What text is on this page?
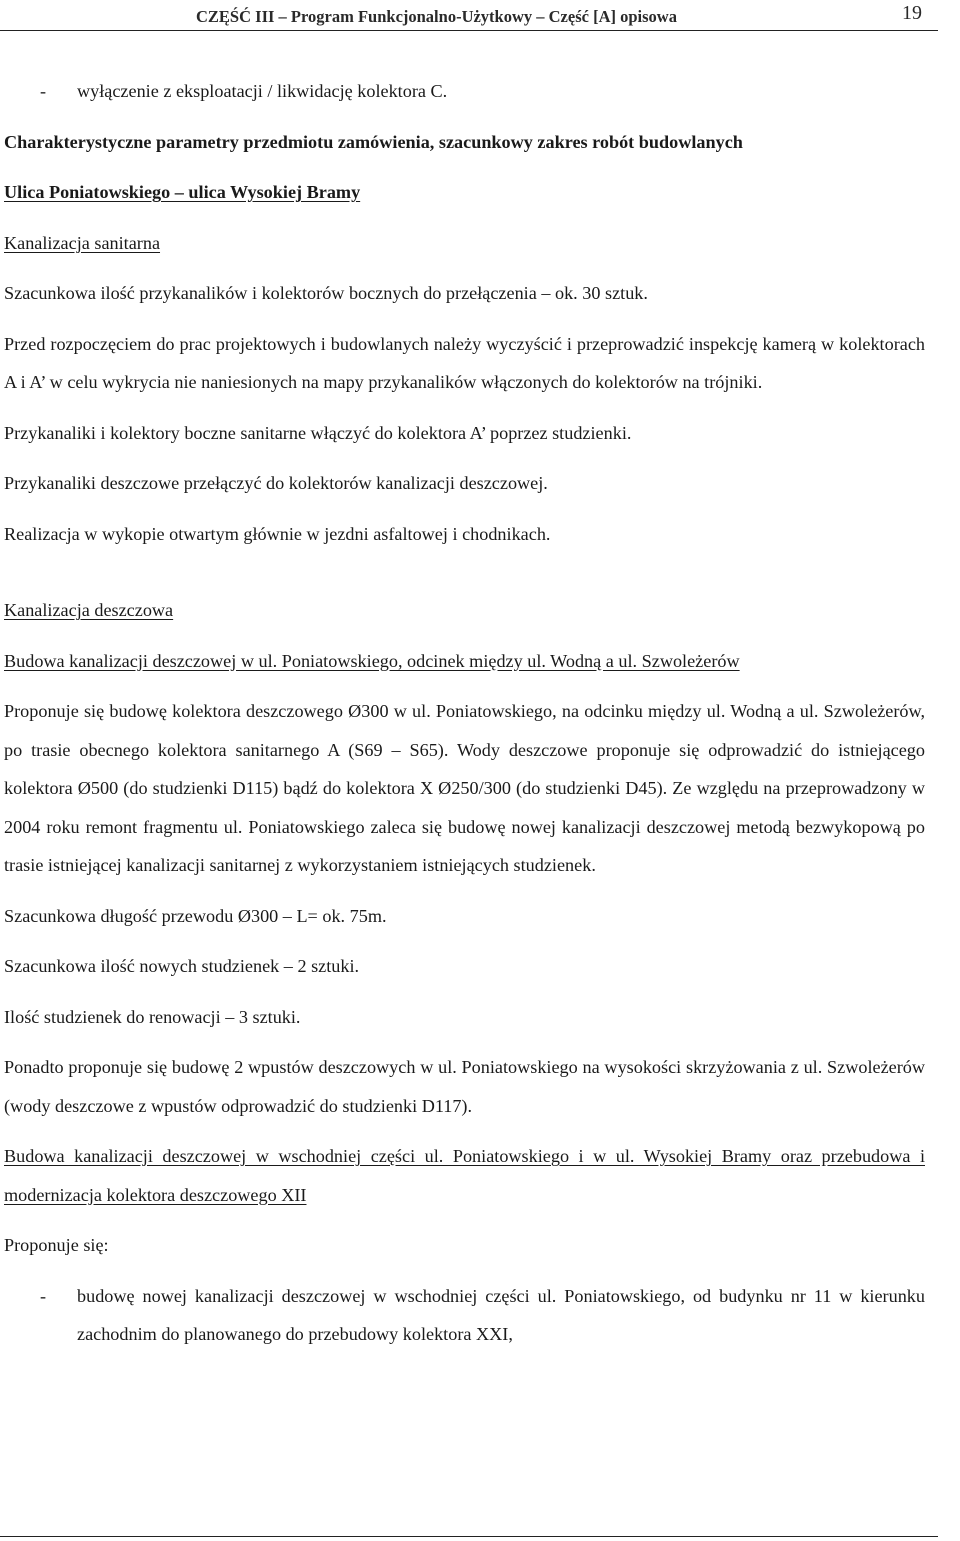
CZĘŚĆ III – Program Funkcjonalno-Użytkowy – Część [A] opisowa	19
-	wyłączenie z eksploatacji / likwidację kolektora C.

Charakterystyczne parametry przedmiotu zamówienia, szacunkowy zakres robót budowlanych

Ulica Poniatowskiego – ulica Wysokiej Bramy

Kanalizacja sanitarna

Szacunkowa ilość przykanalików i kolektorów bocznych do przełączenia – ok. 30 sztuk.

Przed rozpoczęciem do prac projektowych i budowlanych należy wyczyścić i przeprowadzić inspekcję kamerą w kolektorach A i A’ w celu wykrycia nie naniesionych na mapy przykanalików włączonych do kolektorów na trójniki.

Przykanaliki i kolektory boczne sanitarne włączyć do kolektora A’ poprzez studzienki.

Przykanaliki deszczowe przełączyć do kolektorów kanalizacji deszczowej.

Realizacja w wykopie otwartym głównie w jezdni asfaltowej i chodnikach.

Kanalizacja deszczowa

Budowa kanalizacji deszczowej w ul. Poniatowskiego, odcinek między ul. Wodną a ul. Szwoleżerów

Proponuje się budowę kolektora deszczowego Ø300 w ul. Poniatowskiego, na odcinku między ul. Wodną a ul. Szwoleżerów, po trasie obecnego kolektora sanitarnego A (S69 – S65). Wody deszczowe proponuje się odprowadzić do istniejącego kolektora Ø500 (do studzienki D115) bądź do kolektora X Ø250/300 (do studzienki D45). Ze względu na przeprowadzony w 2004 roku remont fragmentu ul. Poniatowskiego zaleca się budowę nowej kanalizacji deszczowej metodą bezwykopową po trasie istniejącej kanalizacji sanitarnej z wykorzystaniem istniejących studzienek.

Szacunkowa długość przewodu Ø300 – L= ok. 75m.

Szacunkowa ilość nowych studzienek – 2 sztuki.

Ilość studzienek do renowacji – 3 sztuki.

Ponadto proponuje się budowę 2 wpustów deszczowych w ul. Poniatowskiego na wysokości skrzyżowania z ul. Szwoleżerów (wody deszczowe z wpustów odprowadzić do studzienki D117).

Budowa kanalizacji deszczowej w wschodniej części ul. Poniatowskiego i w ul. Wysokiej Bramy oraz przebudowa i modernizacja kolektora deszczowego XII

Proponuje się:

-	budowę nowej kanalizacji deszczowej w wschodniej części ul. Poniatowskiego, od budynku nr 11 w kierunku zachodnim do planowanego do przebudowy kolektora XXI,
